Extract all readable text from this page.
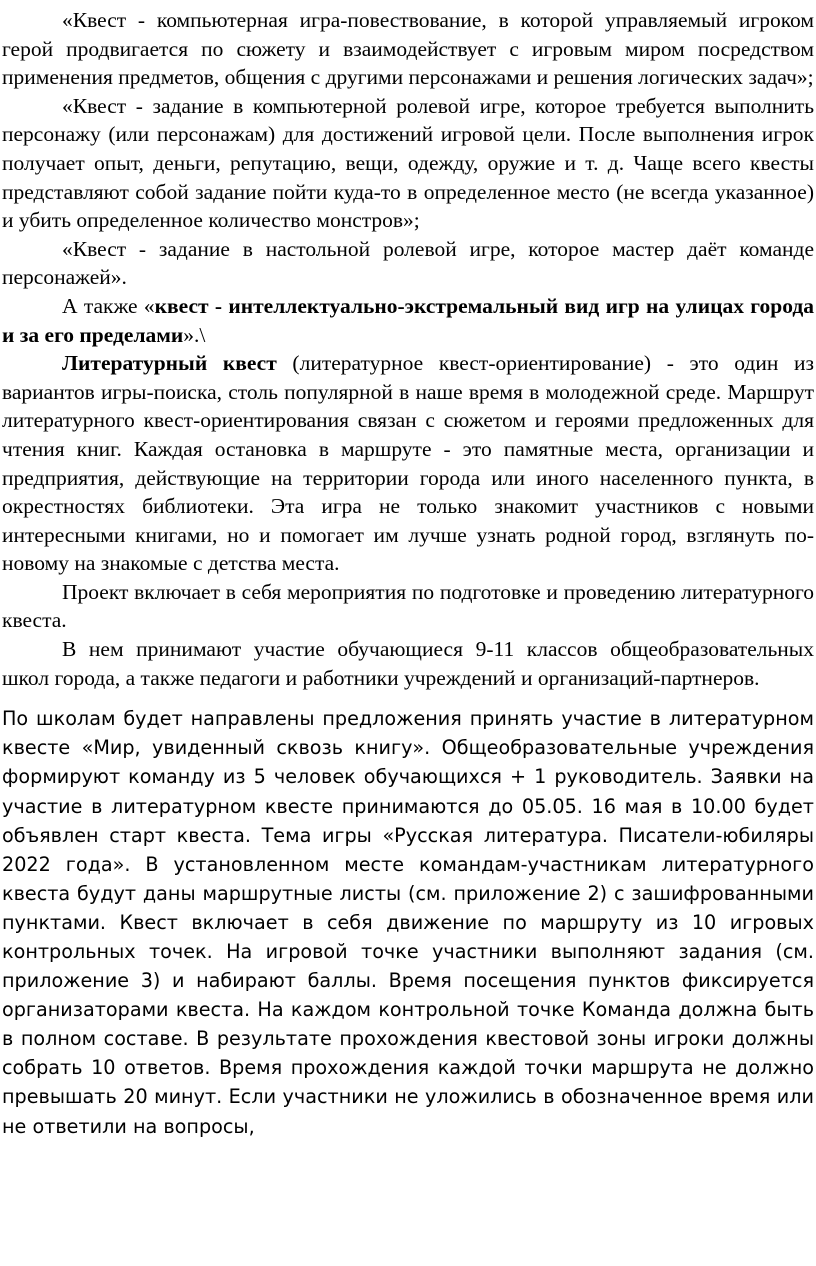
«Квест - компьютерная игра-повествование, в которой управляемый игроком герой продвигается по сюжету и взаимодействует с игровым миром посредством применения предметов, общения с другими персонажами и решения логических задач»;

«Квест - задание в компьютерной ролевой игре, которое требуется выполнить персонажу (или персонажам) для достижений игровой цели. После выполнения игрок получает опыт, деньги, репутацию, вещи, одежду, оружие и т. д. Чаще всего квесты представляют собой задание пойти куда-то в определенное место (не всегда указанное) и убить определенное количество монстров»;

«Квест - задание в настольной ролевой игре, которое мастер даёт команде персонажей».

А также «квест - интеллектуально-экстремальный вид игр на улицах города и за его пределами».\

Литературный квест (литературное квест-ориентирование) - это один из вариантов игры-поиска, столь популярной в наше время в молодежной среде. Маршрут литературного квест-ориентирования связан с сюжетом и героями предложенных для чтения книг. Каждая остановка в маршруте - это памятные места, организации и предприятия, действующие на территории города или иного населенного пункта, в окрестностях библиотеки. Эта игра не только знакомит участников с новыми интересными книгами, но и помогает им лучше узнать родной город, взглянуть по-новому на знакомые с детства места.

Проект включает в себя мероприятия по подготовке и проведению литературного квеста.

В нем принимают участие обучающиеся 9-11 классов общеобразовательных школ города, а также педагоги и работники учреждений и организаций-партнеров.

По школам будет направлены предложения принять участие в литературном квесте «Мир, увиденный сквозь книгу». Общеобразовательные учреждения формируют команду из 5 человек обучающихся + 1 руководитель. Заявки на участие в литературном квесте принимаются до 05.05. 16 мая в 10.00 будет объявлен старт квеста. Тема игры «Русская литература. Писатели-юбиляры 2022 года». В установленном месте командам-участникам литературного квеста будут даны маршрутные листы (см. приложение 2) с зашифрованными пунктами. Квест включает в себя движение по маршруту из 10 игровых контрольных точек. На игровой точке участники выполняют задания (см. приложение 3) и набирают баллы. Время посещения пунктов фиксируется организаторами квеста. На каждом контрольной точке Команда должна быть в полном составе. В результате прохождения квестовой зоны игроки должны собрать 10 ответов. Время прохождения каждой точки маршрута не должно превышать 20 минут. Если участники не уложились в обозначенное время или не ответили на вопросы,
